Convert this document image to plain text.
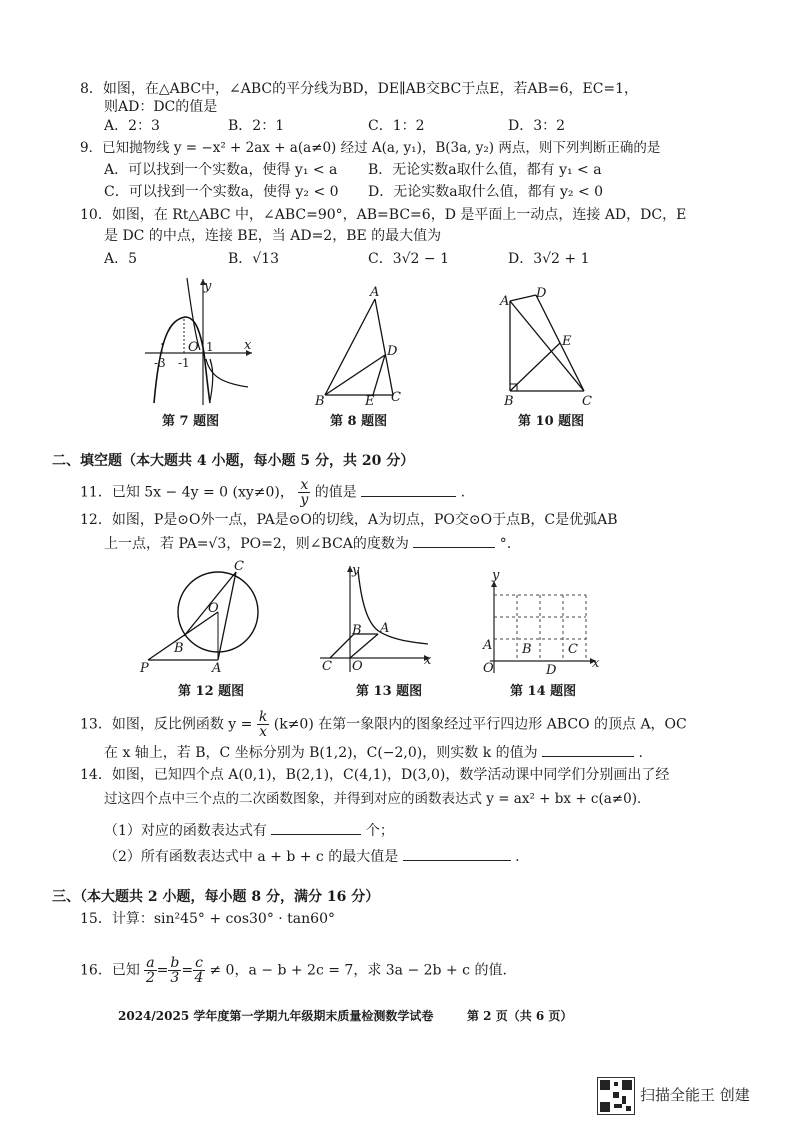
8．如图，在△ABC中，∠ABC的平分线为BD，DE∥AB交BC于点E，若AB=6，EC=1，
则AD：DC的值是
A．2：3	B．2：1	C．1：2	D．3：2
9．已知抛物线 y = −x² + 2ax + a(a≠0) 经过 A(a, y₁)，B(3a, y₂) 两点，则下列判断正确的是
A．可以找到一个实数a，使得 y₁ < a B．无论实数a取什么值，都有 y₁ < a
C．可以找到一个实数a，使得 y₂ < 0 D．无论实数a取什么值，都有 y₂ < 0
10．如图，在 Rt△ABC 中，∠ABC=90°，AB=BC=6，D 是平面上一动点，连接 AD，DC，E
是 DC 的中点，连接 BE，当 AD=2，BE 的最大值为
A．5	B．√13	C．3√2 − 1	D．3√2 + 1
y
x
O 1
-3 -1
第 7 题图
A
B	C
D
E
第 8 题图
A
D
E
B	C
第 10 题图
二、填空题（本大题共 4 小题，每小题 5 分，共 20 分）
11．已知 5x − 4y = 0 (xy≠0)， $\frac{x}{y}$ 的值是	.
12．如图，P是⊙O外一点，PA是⊙O的切线，A为切点，PO交⊙O于点B，C是优弧AB
上一点，若 PA=√3，PO=2，则∠BCA的度数为	°.
P	A
B
C
O
第 12 题图
y
x
A
B
C O
第 13 题图
y
x
A B	C
D
O
第 14 题图
13．如图，反比例函数 $y = \frac{k}{x} (k\ne 0)$ 在第一象限内的图象经过平行四边形 ABCO 的顶点 A，OC
在 x 轴上，若 B，C 坐标分别为 B(1,2)，C(−2,0)，则实数 k 的值为	.
14．如图，已知四个点 A(0,1)，B(2,1)，C(4,1)，D(3,0)，数学活动课中同学们分别画出了经
过这四个点中三个点的二次函数图象，并得到对应的函数表达式 y = ax² + bx + c(a≠0)．
（1）对应的函数表达式有	个；
（2）所有函数表达式中 a + b + c 的最大值是	.
三、（本大题共 2 小题，每小题 8 分，满分 16 分）
15．计算：sin²45° + cos30° · tan60°
16．已知 $\frac{a}{2} = \frac{b}{3} = \frac{c}{4} \ne 0$，a − b + 2c = 7，求 3a − 2b + c 的值.
2024/2025 学年度第一学期九年级期末质量检测数学试卷	第 2 页（共 6 页）
扫描全能王 创建
